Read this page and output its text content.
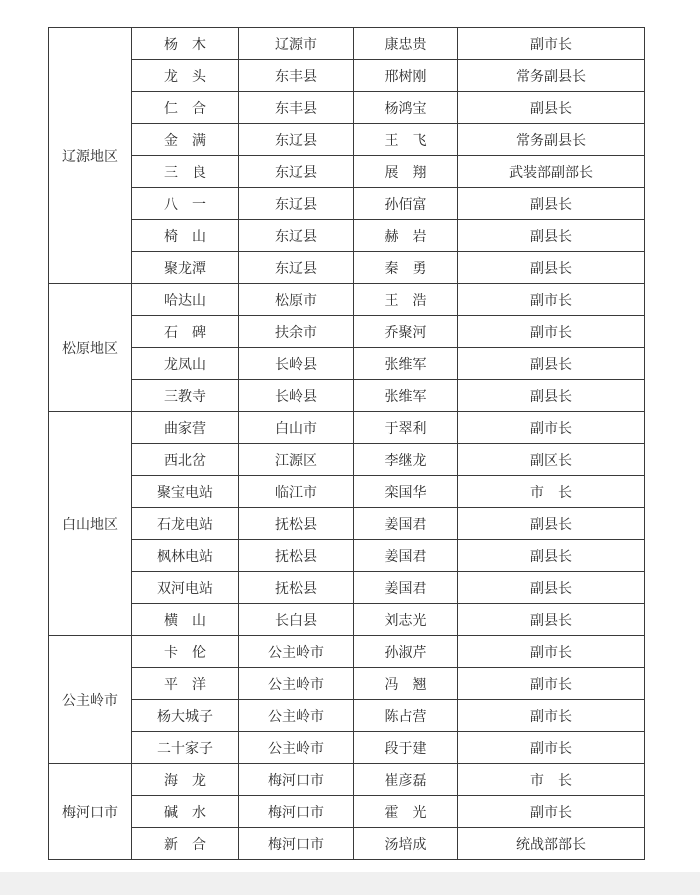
辽源地区	杨　木	辽源市	康忠贵	副市长
	龙　头	东丰县	邢树刚	常务副县长
	仁　合	东丰县	杨鸿宝	副县长
	金　满	东辽县	王　飞	常务副县长
	三　良	东辽县	展　翔	武装部副部长
	八　一	东辽县	孙佰富	副县长
	椅　山	东辽县	赫　岩	副县长
	聚龙潭	东辽县	秦　勇	副县长
松原地区	哈达山	松原市	王　浩	副市长
	石　碑	扶余市	乔聚河	副市长
	龙凤山	长岭县	张维军	副县长
	三教寺	长岭县	张维军	副县长
白山地区	曲家营	白山市	于翠利	副市长
	西北岔	江源区	李继龙	副区长
	聚宝电站	临江市	栾国华	市　长
	石龙电站	抚松县	姜国君	副县长
	枫林电站	抚松县	姜国君	副县长
	双河电站	抚松县	姜国君	副县长
	横　山	长白县	刘志光	副县长
公主岭市	卡　伦	公主岭市	孙淑芹	副市长
	平　洋	公主岭市	冯　翘	副市长
	杨大城子	公主岭市	陈占营	副市长
	二十家子	公主岭市	段于建	副市长
梅河口市	海　龙	梅河口市	崔彦磊	市　长
	碱　水	梅河口市	霍　光	副市长
	新　合	梅河口市	汤培成	统战部部长
